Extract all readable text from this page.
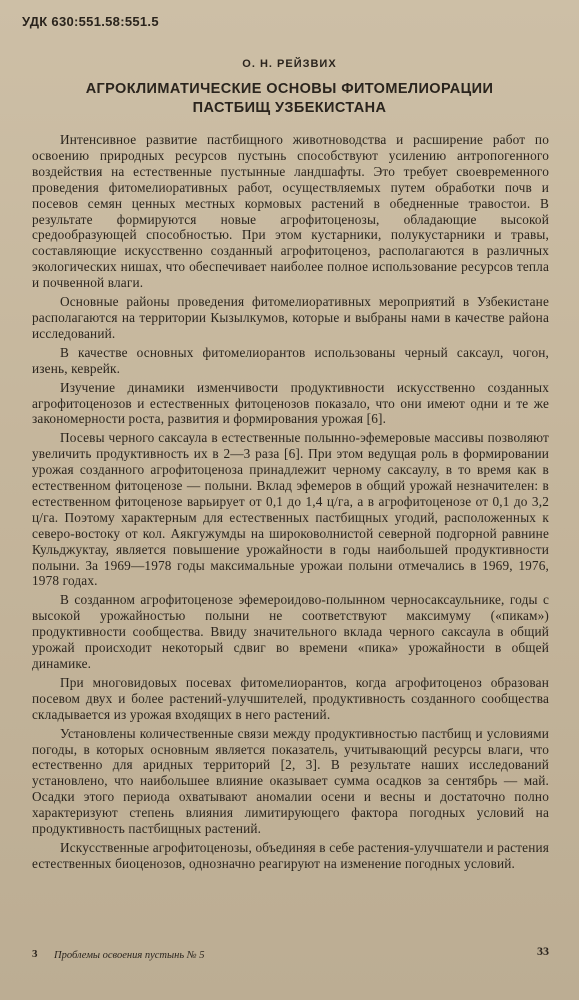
УДК 630:551.58:551.5
О. Н. РЕЙЗВИХ
АГРОКЛИМАТИЧЕСКИЕ ОСНОВЫ ФИТОМЕЛИОРАЦИИ
ПАСТБИЩ УЗБЕКИСТАНА

Интенсивное развитие пастбищного животноводства и расширение работ по освоению природных ресурсов пустынь способствуют усилению антропогенного воздействия на естественные пустынные ландшафты. Это требует своевременного проведения фитомелиоративных работ, осуществляемых путем обработки почв и посевов семян ценных местных кормовых растений в обедненные травостои. В результате формируются новые агрофитоценозы, обладающие высокой средообразующей способностью. При этом кустарники, полукустарники и травы, составляющие искусственно созданный агрофитоценоз, располагаются в различных экологических нишах, что обеспечивает наиболее полное использование ресурсов тепла и почвенной влаги.

Основные районы проведения фитомелиоративных мероприятий в Узбекистане располагаются на территории Кызылкумов, которые и выбраны нами в качестве района исследований.

В качестве основных фитомелиорантов использованы черный саксаул, чогон, изень, кеврейк.

Изучение динамики изменчивости продуктивности искусственно созданных агрофитоценозов и естественных фитоценозов показало, что они имеют одни и те же закономерности роста, развития и формирования урожая [6].

Посевы черного саксаула в естественные полынно-эфемеровые массивы позволяют увеличить продуктивность их в 2—3 раза [6]. При этом ведущая роль в формировании урожая созданного агрофитоценоза принадлежит черному саксаулу, в то время как в естественном фитоценозе — полыни. Вклад эфемеров в общий урожай незначителен: в естественном фитоценозе варьирует от 0,1 до 1,4 ц/га, а в агрофитоценозе от 0,1 до 3,2 ц/га. Поэтому характерным для естественных пастбищных угодий, расположенных к северо-востоку от кол. Аякгужумды на широковолнистой северной подгорной равнине Кульджуктау, является повышение урожайности в годы наибольшей продуктивности полыни. За 1969—1978 годы максимальные урожаи полыни отмечались в 1969, 1976, 1978 годах.

В созданном агрофитоценозе эфемероидово-полынном черносаксаульнике, годы с высокой урожайностью полыни не соответствуют максимуму («пикам») продуктивности сообщества. Ввиду значительного вклада черного саксаула в общий урожай происходит некоторый сдвиг во времени «пика» урожайности в общей динамике.

При многовидовых посевах фитомелиорантов, когда агрофитоценоз образован посевом двух и более растений-улучшителей, продуктивность созданного сообщества складывается из урожая входящих в него растений.

Установлены количественные связи между продуктивностью пастбищ и условиями погоды, в которых основным является показатель, учитывающий ресурсы влаги, что естественно для аридных территорий [2, 3]. В результате наших исследований установлено, что наибольшее влияние оказывает сумма осадков за сентябрь — май. Осадки этого периода охватывают аномалии осени и весны и достаточно полно характеризуют степень влияния лимитирующего фактора погодных условий на продуктивность пастбищных растений.

Искусственные агрофитоценозы, объединяя в себе растения-улучшатели и растения естественных биоценозов, однозначно реагируют на изменение погодных условий.

3 Проблемы освоения пустынь № 5	33
